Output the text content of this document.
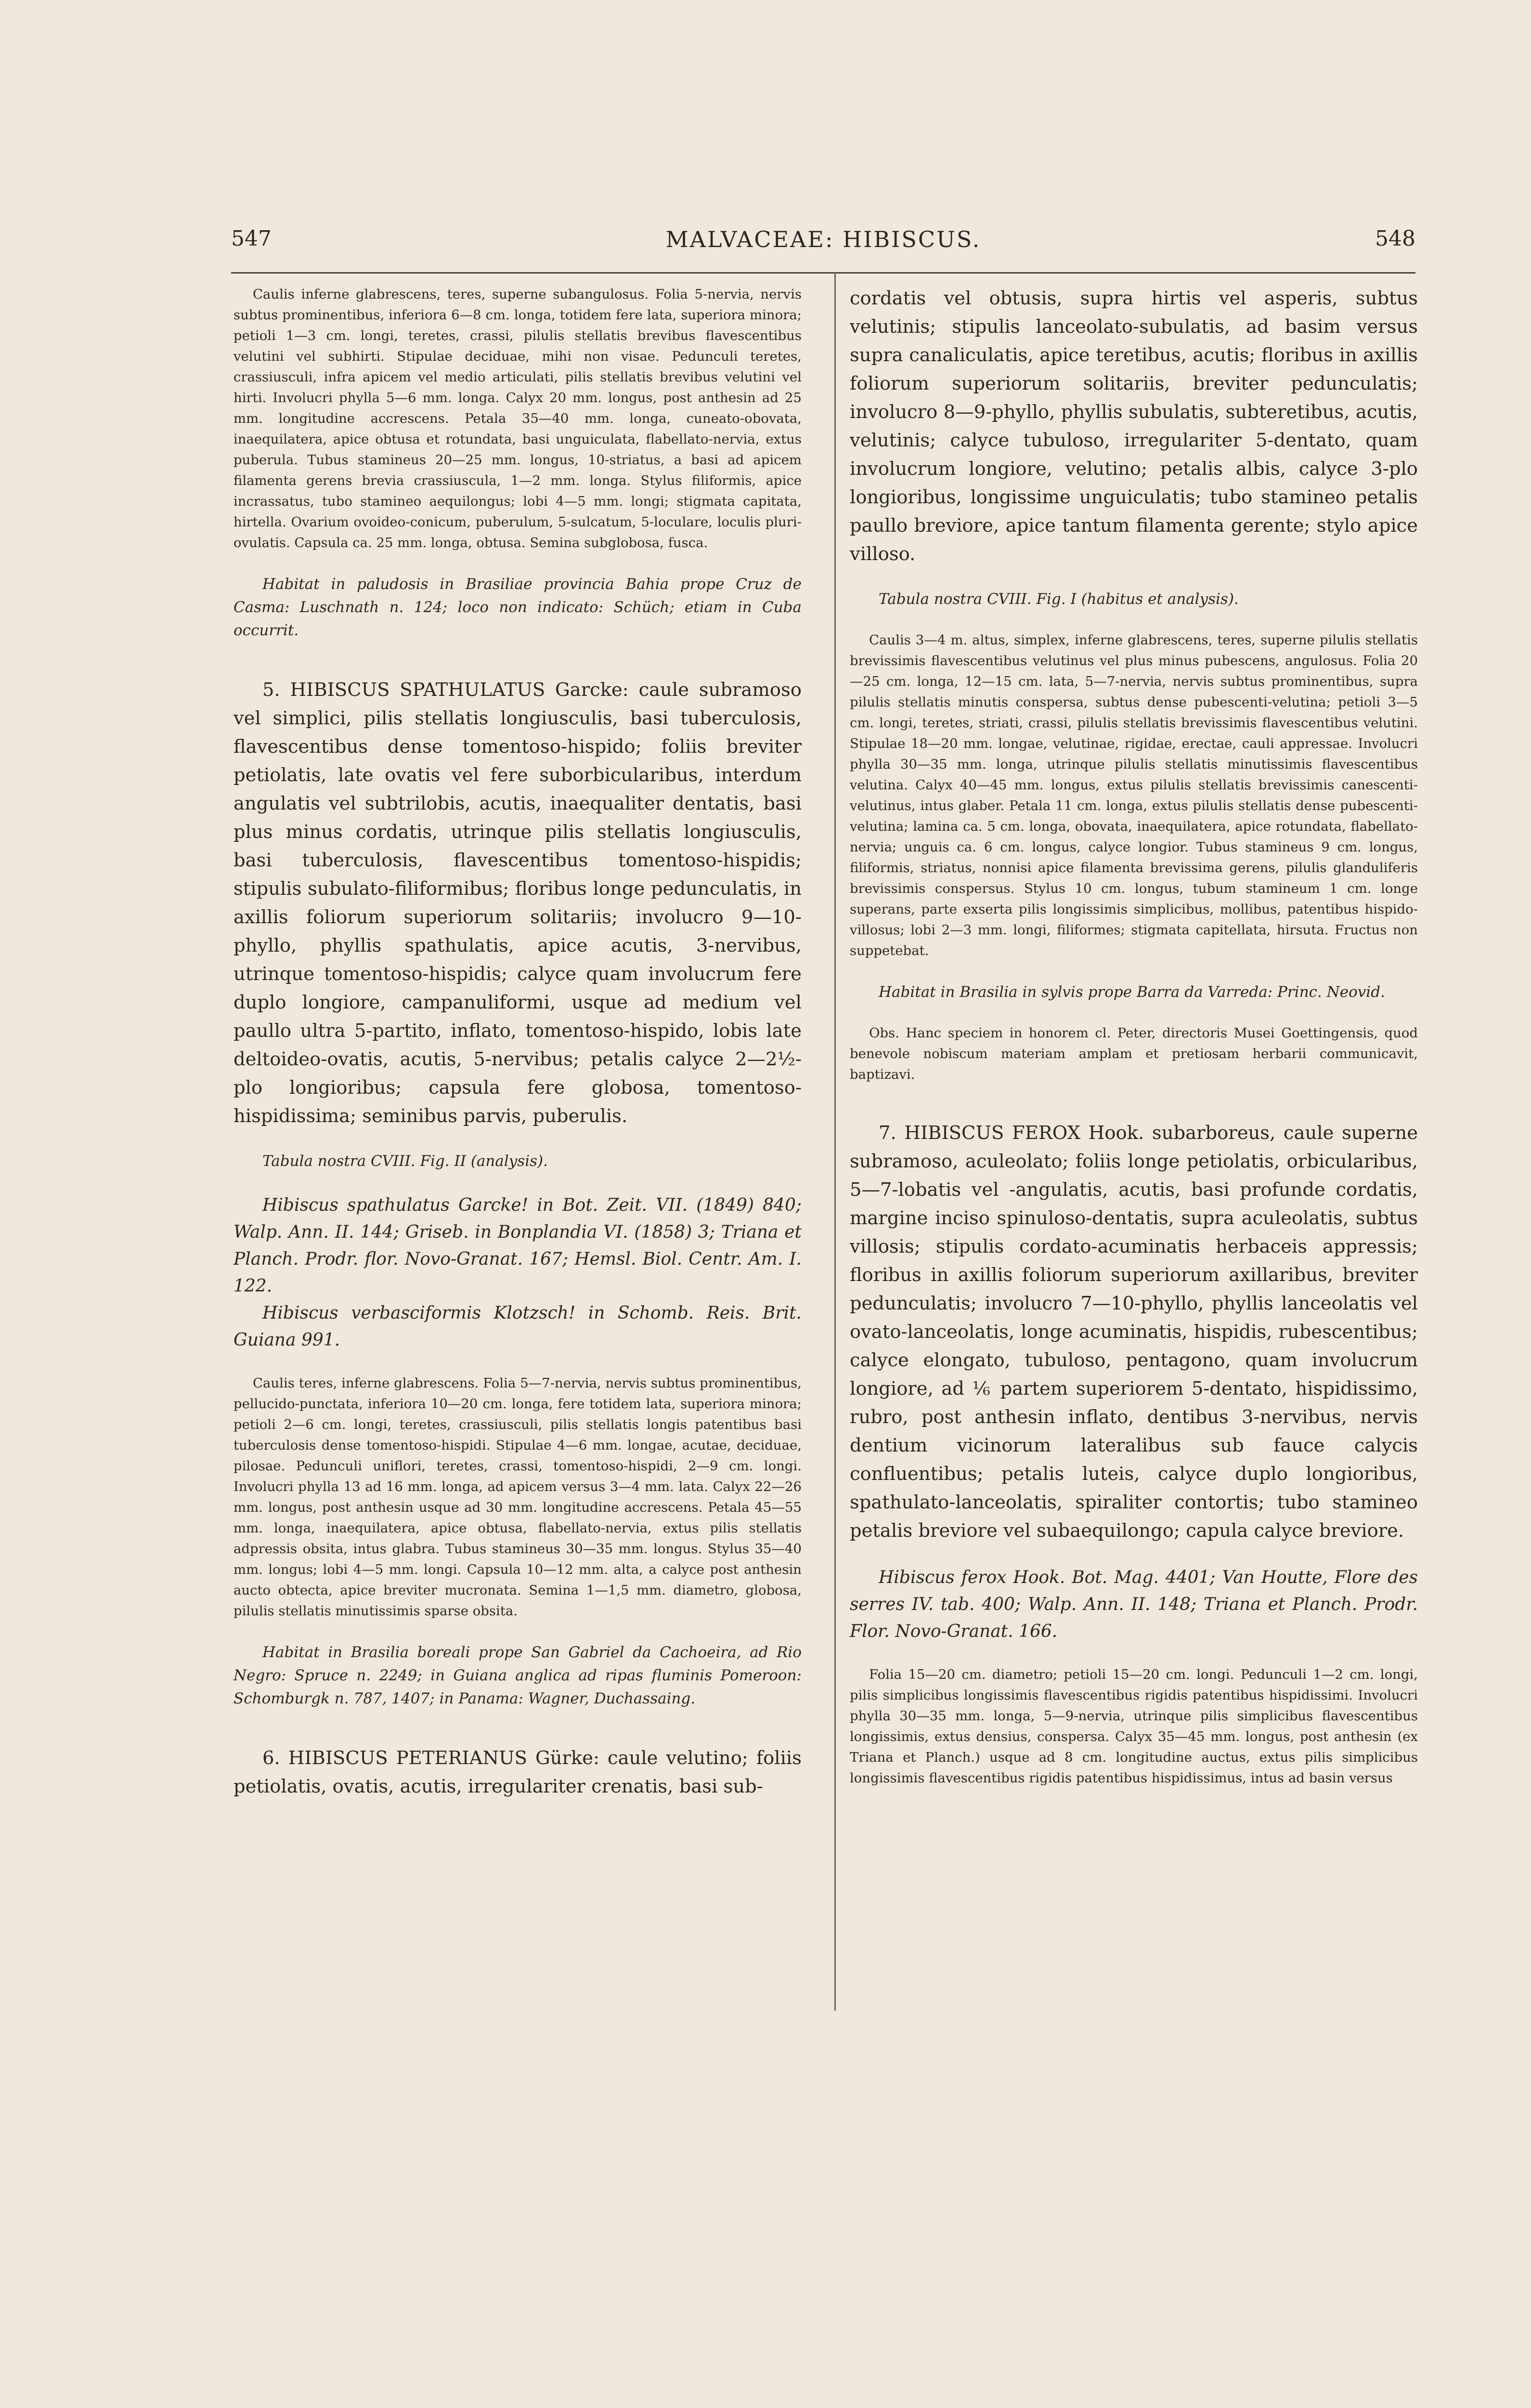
547	MALVACEAE: HIBISCUS.	548

Caulis inferne glabrescens, teres, superne subangulosus. Folia 5-nervia, nervis subtus prominentibus, inferiora 6—8 cm. longa, totidem fere lata, superiora minora; petioli 1—3 cm. longi, teretes, crassi, pilulis stellatis brevibus flavescentibus velutini vel subhirti. Stipulae deciduae, mihi non visae. Pedunculi teretes, crassiusculi, infra apicem vel medio articulati, pilis stellatis brevibus velutini vel hirti. Involucri phylla 5—6 mm. longa. Calyx 20 mm. longus, post anthesin ad 25 mm. longitudine accrescens. Petala 35—40 mm. longa, cuneato-obovata, inaequilatera, apice obtusa et rotundata, basi unguiculata, flabellato-nervia, extus puberula. Tubus stamineus 20—25 mm. longus, 10-striatus, a basi ad apicem filamenta gerens brevia crassiuscula, 1—2 mm. longa. Stylus filiformis, apice incrassatus, tubo stamineo aequilongus; lobi 4—5 mm. longi; stigmata capitata, hirtella. Ovarium ovoideo-conicum, puberulum, 5-sulcatum, 5-loculare, loculis pluri-ovulatis. Capsula ca. 25 mm. longa, obtusa. Semina subglobosa, fusca.

Habitat in paludosis in Brasiliae provincia Bahia prope Cruz de Casma: Luschnath n. 124; loco non indicato: Schüch; etiam in Cuba occurrit.

5. HIBISCUS SPATHULATUS Garcke: caule subramoso vel simplici, pilis stellatis longiusculis, basi tuberculosis, flavescentibus dense tomentoso-hispido; foliis breviter petiolatis, late ovatis vel fere suborbicularibus, interdum angulatis vel subtrilobis, acutis, inaequaliter dentatis, basi plus minus cordatis, utrinque pilis stellatis longiusculis, basi tuberculosis, flavescentibus tomentoso-hispidis; stipulis subulato-filiformibus; floribus longe pedunculatis, in axillis foliorum superiorum solitariis; involucro 9—10-phyllo, phyllis spathulatis, apice acutis, 3-nervibus, utrinque tomentoso-hispidis; calyce quam involucrum fere duplo longiore, campanuliformi, usque ad medium vel paullo ultra 5-partito, inflato, tomentoso-hispido, lobis late deltoideo-ovatis, acutis, 5-nervibus; petalis calyce 2—2½-plo longioribus; capsula fere globosa, tomentoso-hispidissima; seminibus parvis, puberulis.

Tabula nostra CVIII. Fig. II (analysis).

Hibiscus spathulatus Garcke! in Bot. Zeit. VII. (1849) 840; Walp. Ann. II. 144; Griseb. in Bonplandia VI. (1858) 3; Triana et Planch. Prodr. flor. Novo-Granat. 167; Hemsl. Biol. Centr. Am. I. 122.

Hibiscus verbasciformis Klotzsch! in Schomb. Reis. Brit. Guiana 991.

Caulis teres, inferne glabrescens. Folia 5—7-nervia, nervis subtus prominentibus, pellucido-punctata, inferiora 10—20 cm. longa, fere totidem lata, superiora minora; petioli 2—6 cm. longi, teretes, crassiusculi, pilis stellatis longis patentibus basi tuberculosis dense tomentoso-hispidi. Stipulae 4—6 mm. longae, acutae, deciduae, pilosae. Pedunculi uniflori, teretes, crassi, tomentoso-hispidi, 2—9 cm. longi. Involucri phylla 13 ad 16 mm. longa, ad apicem versus 3—4 mm. lata. Calyx 22—26 mm. longus, post anthesin usque ad 30 mm. longitudine accrescens. Petala 45—55 mm. longa, inaequilatera, apice obtusa, flabellato-nervia, extus pilis stellatis adpressis obsita, intus glabra. Tubus stamineus 30—35 mm. longus. Stylus 35—40 mm. longus; lobi 4—5 mm. longi. Capsula 10—12 mm. alta, a calyce post anthesin aucto obtecta, apice breviter mucronata. Semina 1—1,5 mm. diametro, globosa, pilulis stellatis minutissimis sparse obsita.

Habitat in Brasilia boreali prope San Gabriel da Cachoeira, ad Rio Negro: Spruce n. 2249; in Guiana anglica ad ripas fluminis Pomeroon: Schomburgk n. 787, 1407; in Panama: Wagner, Duchassaing.

6. HIBISCUS PETERIANUS Gürke: caule velutino; foliis petiolatis, ovatis, acutis, irregulariter crenatis, basi sub-

cordatis vel obtusis, supra hirtis vel asperis, subtus velutinis; stipulis lanceolato-subulatis, ad basim versus supra canaliculatis, apice teretibus, acutis; floribus in axillis foliorum superiorum solitariis, breviter pedunculatis; involucro 8—9-phyllo, phyllis subulatis, subteretibus, acutis, velutinis; calyce tubuloso, irregulariter 5-dentato, quam involucrum longiore, velutino; petalis albis, calyce 3-plo longioribus, longissime unguiculatis; tubo stamineo petalis paullo breviore, apice tantum filamenta gerente; stylo apice villoso.

Tabula nostra CVIII. Fig. I (habitus et analysis).

Caulis 3—4 m. altus, simplex, inferne glabrescens, teres, superne pilulis stellatis brevissimis flavescentibus velutinus vel plus minus pubescens, angulosus. Folia 20—25 cm. longa, 12—15 cm. lata, 5—7-nervia, nervis subtus prominentibus, supra pilulis stellatis minutis conspersa, subtus dense pubescenti-velutina; petioli 3—5 cm. longi, teretes, striati, crassi, pilulis stellatis brevissimis flavescentibus velutini. Stipulae 18—20 mm. longae, velutinae, rigidae, erectae, cauli appressae. Involucri phylla 30—35 mm. longa, utrinque pilulis stellatis minutissimis flavescentibus velutina. Calyx 40—45 mm. longus, extus pilulis stellatis brevissimis canescenti-velutinus, intus glaber. Petala 11 cm. longa, extus pilulis stellatis dense pubescenti-velutina; lamina ca. 5 cm. longa, obovata, inaequilatera, apice rotundata, flabellato-nervia; unguis ca. 6 cm. longus, calyce longior. Tubus stamineus 9 cm. longus, filiformis, striatus, nonnisi apice filamenta brevissima gerens, pilulis glanduliferis brevissimis conspersus. Stylus 10 cm. longus, tubum stamineum 1 cm. longe superans, parte exserta pilis longissimis simplicibus, mollibus, patentibus hispido-villosus; lobi 2—3 mm. longi, filiformes; stigmata capitellata, hirsuta. Fructus non suppetebat.

Habitat in Brasilia in sylvis prope Barra da Varreda: Princ. Neovid.

Obs. Hanc speciem in honorem cl. Peter, directoris Musei Goettingensis, quod benevole nobiscum materiam amplam et pretiosam herbarii communicavit, baptizavi.

7. HIBISCUS FEROX Hook. subarboreus, caule superne subramoso, aculeolato; foliis longe petiolatis, orbicularibus, 5—7-lobatis vel -angulatis, acutis, basi profunde cordatis, margine inciso spinuloso-dentatis, supra aculeolatis, subtus villosis; stipulis cordato-acuminatis herbaceis appressis; floribus in axillis foliorum superiorum axillaribus, breviter pedunculatis; involucro 7—10-phyllo, phyllis lanceolatis vel ovato-lanceolatis, longe acuminatis, hispidis, rubescentibus; calyce elongato, tubuloso, pentagono, quam involucrum longiore, ad ⅙ partem superiorem 5-dentato, hispidissimo, rubro, post anthesin inflato, dentibus 3-nervibus, nervis dentium vicinorum lateralibus sub fauce calycis confluentibus; petalis luteis, calyce duplo longioribus, spathulato-lanceolatis, spiraliter contortis; tubo stamineo petalis breviore vel subaequilongo; capula calyce breviore.

Hibiscus ferox Hook. Bot. Mag. 4401; Van Houtte, Flore des serres IV. tab. 400; Walp. Ann. II. 148; Triana et Planch. Prodr. Flor. Novo-Granat. 166.

Folia 15—20 cm. diametro; petioli 15—20 cm. longi. Pedunculi 1—2 cm. longi, pilis simplicibus longissimis flavescentibus rigidis patentibus hispidissimi. Involucri phylla 30—35 mm. longa, 5—9-nervia, utrinque pilis simplicibus flavescentibus longissimis, extus densius, conspersa. Calyx 35—45 mm. longus, post anthesin (ex Triana et Planch.) usque ad 8 cm. longitudine auctus, extus pilis simplicibus longissimis flavescentibus rigidis patentibus hispidissimus, intus ad basin versus
